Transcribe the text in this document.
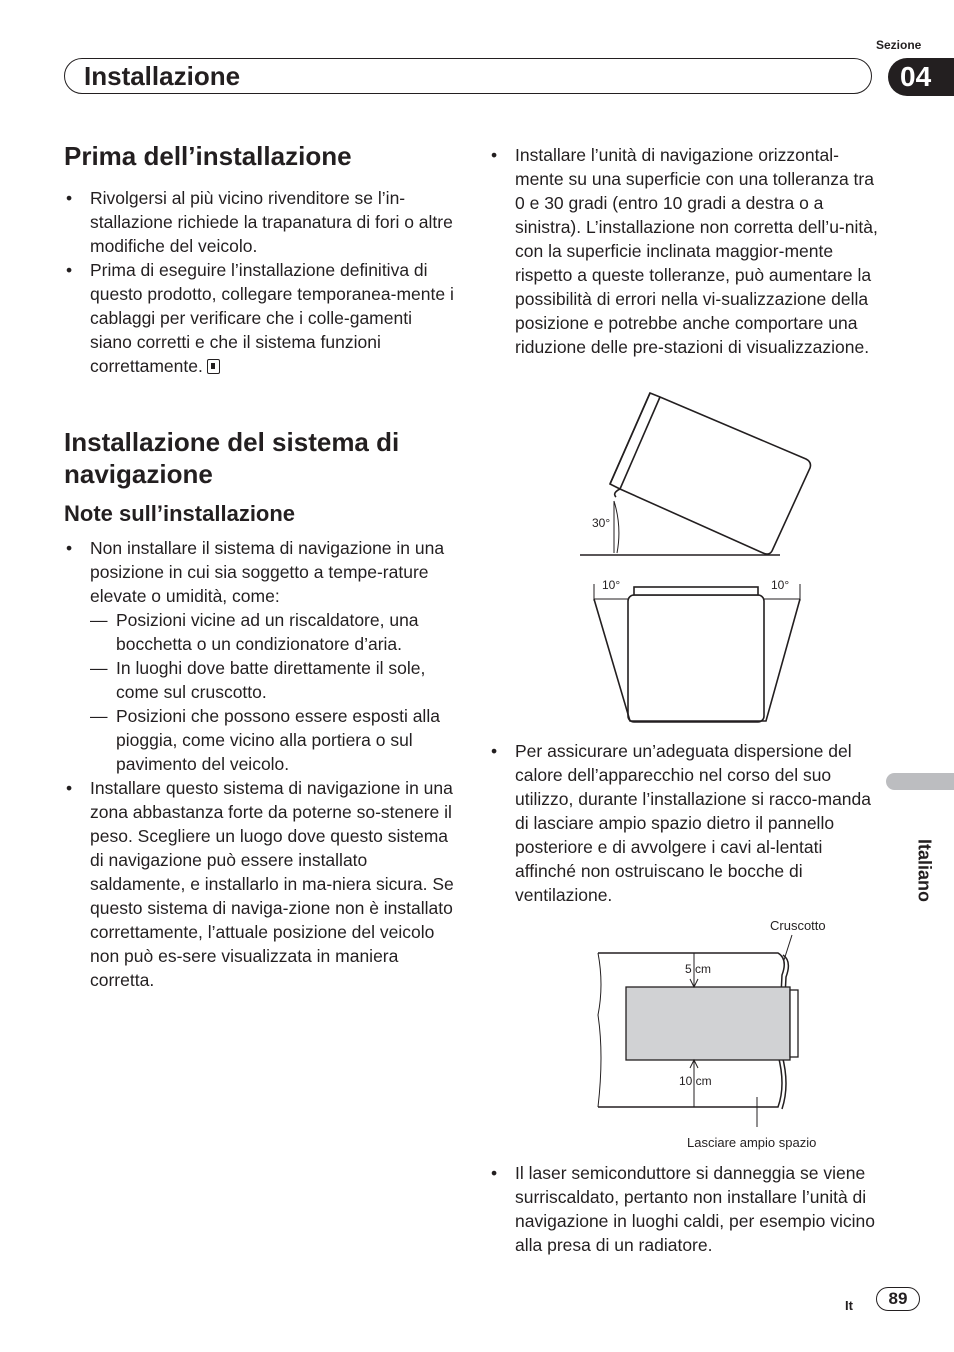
Sezione
Installazione	04
Italiano
Prima dell’installazione
• Rivolgersi al più vicino rivenditore se l’in-stallazione richiede la trapanatura di fori o altre modifiche del veicolo.
• Prima di eseguire l’installazione definitiva di questo prodotto, collegare temporanea-mente i cablaggi per verificare che i colle-gamenti siano corretti e che il sistema funzioni correttamente.
Installazione del sistema di navigazione
Note sull’installazione
• Non installare il sistema di navigazione in una posizione in cui sia soggetto a tempe-rature elevate o umidità, come:
— Posizioni vicine ad un riscaldatore, una bocchetta o un condizionatore d’aria.
— In luoghi dove batte direttamente il sole, come sul cruscotto.
— Posizioni che possono essere esposti alla pioggia, come vicino alla portiera o sul pavimento del veicolo.
• Installare questo sistema di navigazione in una zona abbastanza forte da poterne so-stenere il peso. Scegliere un luogo dove questo sistema di navigazione può essere installato saldamente, e installarlo in ma-niera sicura. Se questo sistema di naviga-zione non è installato correttamente, l’attuale posizione del veicolo non può es-sere visualizzata in maniera corretta.
• Installare l’unità di navigazione orizzontal-mente su una superficie con una tolleranza tra 0 e 30 gradi (entro 10 gradi a destra o a sinistra). L’installazione non corretta dell’u-nità, con la superficie inclinata maggior-mente rispetto a queste tolleranze, può aumentare la possibilità di errori nella vi-sualizzazione della posizione e potrebbe anche comportare una riduzione delle pre-stazioni di visualizzazione.
30°
10°	10°
• Per assicurare un’adeguata dispersione del calore dell’apparecchio nel corso del suo utilizzo, durante l’installazione si racco-manda di lasciare ampio spazio dietro il pannello posteriore e di avvolgere i cavi al-lentati affinché non ostruiscano le bocche di ventilazione.
Cruscotto
5 cm
10 cm
Lasciare ampio spazio
• Il laser semiconduttore si danneggia se viene surriscaldato, pertanto non installare l’unità di navigazione in luoghi caldi, per esempio vicino alla presa di un radiatore.
It	89
